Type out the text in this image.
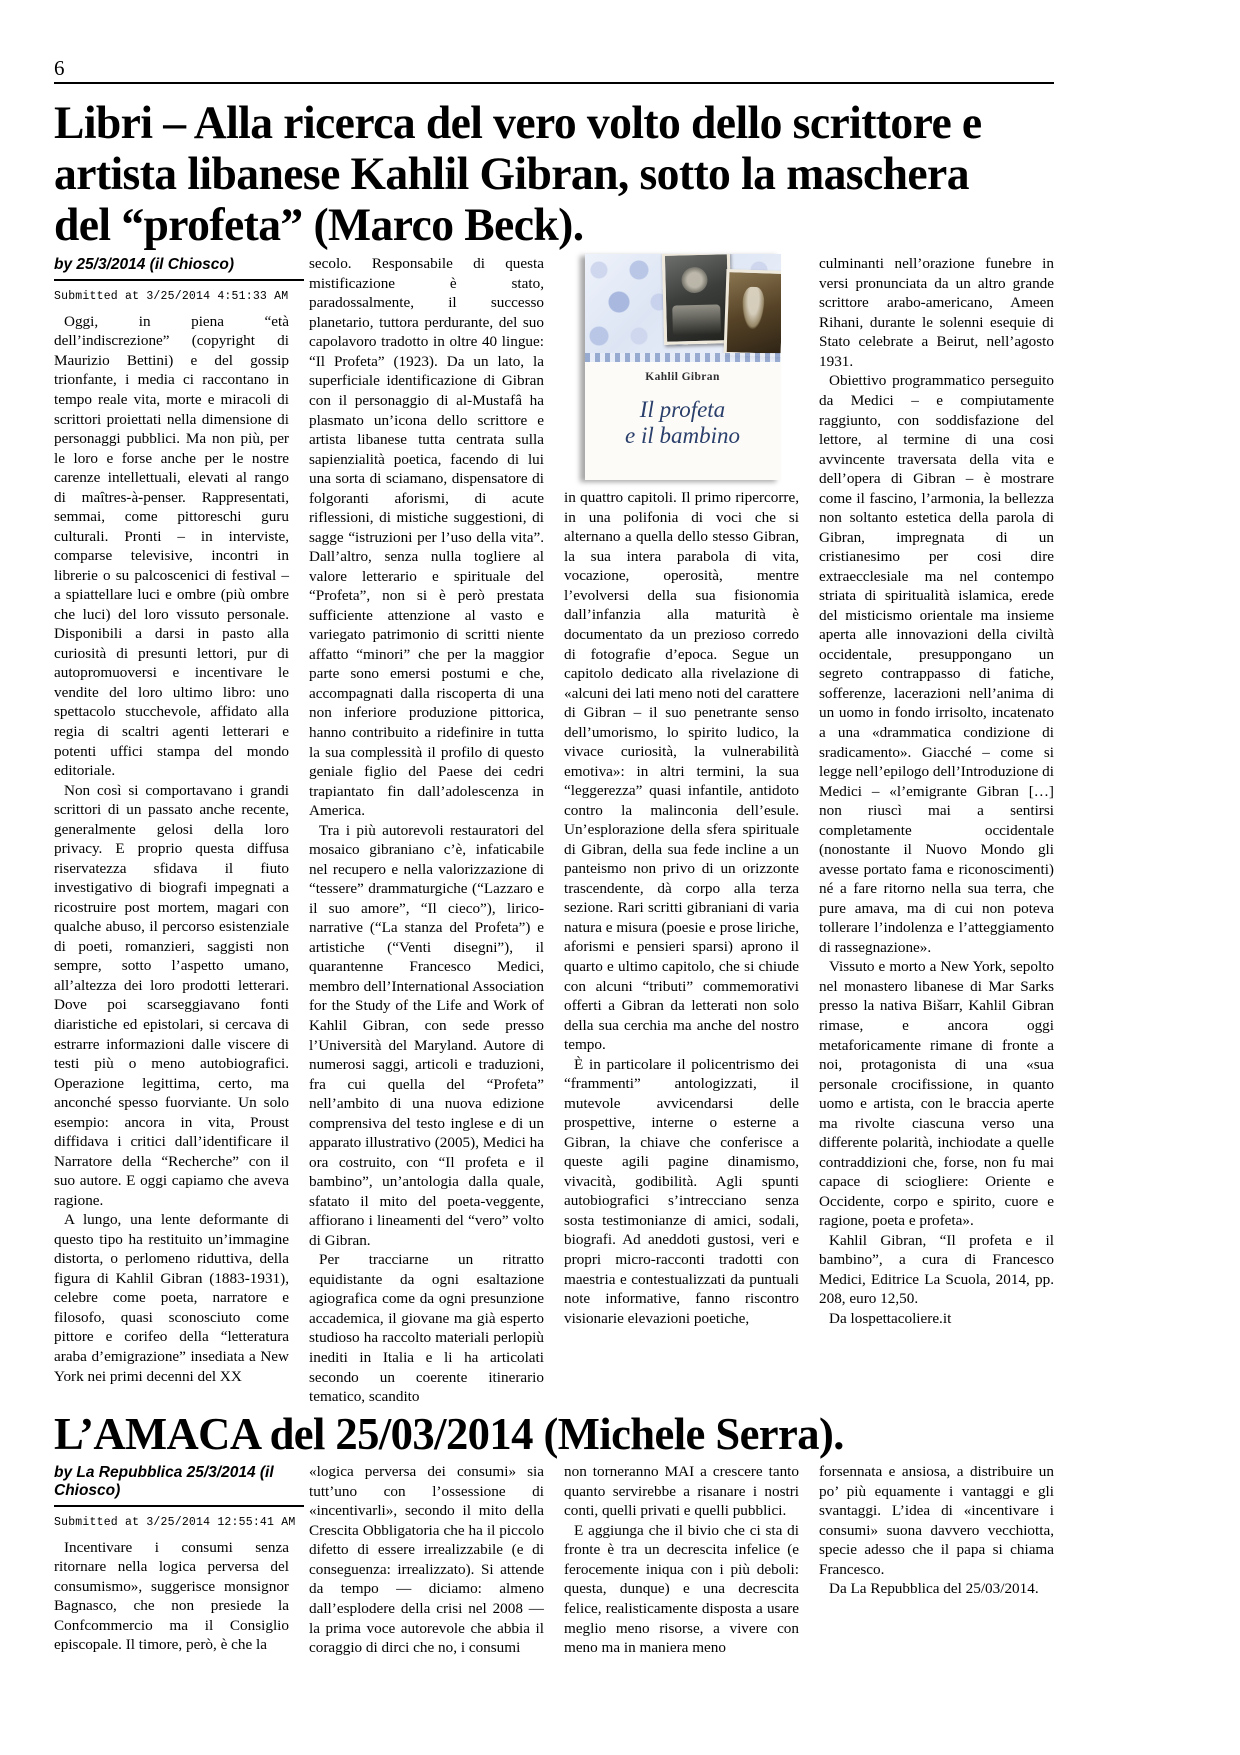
6
Libri – Alla ricerca del vero volto dello scrittore e artista libanese Kahlil Gibran, sotto la maschera del “profeta” (Marco Beck).
by 25/3/2014 (il Chiosco)
Submitted at 3/25/2014 4:51:33 AM

Oggi, in piena “età dell’indiscrezione” (copyright di Maurizio Bettini) e del gossip trionfante, i media ci raccontano in tempo reale vita, morte e miracoli di scrittori proiettati nella dimensione di personaggi pubblici. Ma non più, per le loro e forse anche per le nostre carenze intellettuali, elevati al rango di maîtres-à-penser. Rappresentati, semmai, come pittoreschi guru culturali. Pronti – in interviste, comparse televisive, incontri in librerie o su palcoscenici di festival – a spiattellare luci e ombre (più ombre che luci) del loro vissuto personale. Disponibili a darsi in pasto alla curiosità di presunti lettori, pur di autopromuoversi e incentivare le vendite del loro ultimo libro: uno spettacolo stucchevole, affidato alla regia di scaltri agenti letterari e potenti uffici stampa del mondo editoriale.

Non così si comportavano i grandi scrittori di un passato anche recente, generalmente gelosi della loro privacy. E proprio questa diffusa riservatezza sfidava il fiuto investigativo di biografi impegnati a ricostruire post mortem, magari con qualche abuso, il percorso esistenziale di poeti, romanzieri, saggisti non sempre, sotto l’aspetto umano, all’altezza dei loro prodotti letterari. Dove poi scarseggiavano fonti diaristiche ed epistolari, si cercava di estrarre informazioni dalle viscere di testi più o meno autobiografici. Operazione legittima, certo, ma anconché spesso fuorviante. Un solo esempio: ancora in vita, Proust diffidava i critici dall’identificare il Narratore della “Recherche” con il suo autore. E oggi capiamo che aveva ragione.

A lungo, una lente deformante di questo tipo ha restituito un’immagine distorta, o perlomeno riduttiva, della figura di Kahlil Gibran (1883-1931), celebre come poeta, narratore e filosofo, quasi sconosciuto come pittore e corifeo della “letteratura araba d’emigrazione” insediata a New York nei primi decenni del XX

secolo. Responsabile di questa mistificazione è stato, paradossalmente, il successo planetario, tuttora perdurante, del suo capolavoro tradotto in oltre 40 lingue: “Il Profeta” (1923). Da un lato, la superficiale identificazione di Gibran con il personaggio di al-Mustafâ ha plasmato un’icona dello scrittore e artista libanese tutta centrata sulla sapienzialità poetica, facendo di lui una sorta di sciamano, dispensatore di folgoranti aforismi, di acute riflessioni, di mistiche suggestioni, di sagge “istruzioni per l’uso della vita”. Dall’altro, senza nulla togliere al valore letterario e spirituale del “Profeta”, non si è però prestata sufficiente attenzione al vasto e variegato patrimonio di scritti niente affatto “minori” che per la maggior parte sono emersi postumi e che, accompagnati dalla riscoperta di una non inferiore produzione pittorica, hanno contribuito a ridefinire in tutta la sua complessità il profilo di questo geniale figlio del Paese dei cedri trapiantato fin dall’adolescenza in America.

Tra i più autorevoli restauratori del mosaico gibraniano c’è, infaticabile nel recupero e nella valorizzazione di “tessere” drammaturgiche (“Lazzaro e il suo amore”, “Il cieco”), lirico-narrative (“La stanza del Profeta”) e artistiche (“Venti disegni”), il quarantenne Francesco Medici, membro dell’International Association for the Study of the Life and Work of Kahlil Gibran, con sede presso l’Università del Maryland. Autore di numerosi saggi, articoli e traduzioni, fra cui quella del “Profeta” nell’ambito di una nuova edizione comprensiva del testo inglese e di un apparato illustrativo (2005), Medici ha ora costruito, con “Il profeta e il bambino”, un’antologia dalla quale, sfatato il mito del poeta-veggente, affiorano i lineamenti del “vero” volto di Gibran.

Per tracciarne un ritratto equidistante da ogni esaltazione agiografica come da ogni presunzione accademica, il giovane ma già esperto studioso ha raccolto materiali perlopiù inediti in Italia e li ha articolati secondo un coerente itinerario tematico, scandito

Kahlil Gibran
Il profeta
e il bambino

in quattro capitoli. Il primo ripercorre, in una polifonia di voci che si alternano a quella dello stesso Gibran, la sua intera parabola di vita, vocazione, operosità, mentre l’evolversi della sua fisionomia dall’infanzia alla maturità è documentato da un prezioso corredo di fotografie d’epoca. Segue un capitolo dedicato alla rivelazione di «alcuni dei lati meno noti del carattere di Gibran – il suo penetrante senso dell’umorismo, lo spirito ludico, la vivace curiosità, la vulnerabilità emotiva»: in altri termini, la sua “leggerezza” quasi infantile, antidoto contro la malinconia dell’esule. Un’esplorazione della sfera spirituale di Gibran, della sua fede incline a un panteismo non privo di un orizzonte trascendente, dà corpo alla terza sezione. Rari scritti gibraniani di varia natura e misura (poesie e prose liriche, aforismi e pensieri sparsi) aprono il quarto e ultimo capitolo, che si chiude con alcuni “tributi” commemorativi offerti a Gibran da letterati non solo della sua cerchia ma anche del nostro tempo.

È in particolare il policentrismo dei “frammenti” antologizzati, il mutevole avvicendarsi delle prospettive, interne o esterne a Gibran, la chiave che conferisce a queste agili pagine dinamismo, vivacità, godibilità. Agli spunti autobiografici s’intrecciano senza sosta testimonianze di amici, sodali, biografi. Ad aneddoti gustosi, veri e propri micro-racconti tradotti con maestria e contestualizzati da puntuali note informative, fanno riscontro visionarie elevazioni poetiche,

culminanti nell’orazione funebre in versi pronunciata da un altro grande scrittore arabo-americano, Ameen Rihani, durante le solenni esequie di Stato celebrate a Beirut, nell’agosto 1931.

Obiettivo programmatico perseguito da Medici – e compiutamente raggiunto, con soddisfazione del lettore, al termine di una cosi avvincente traversata della vita e dell’opera di Gibran – è mostrare come il fascino, l’armonia, la bellezza non soltanto estetica della parola di Gibran, impregnata di un cristianesimo per cosi dire extraecclesiale ma nel contempo striata di spiritualità islamica, erede del misticismo orientale ma insieme aperta alle innovazioni della civiltà occidentale, presuppongano un segreto contrappasso di fatiche, sofferenze, lacerazioni nell’anima di un uomo in fondo irrisolto, incatenato a una «drammatica condizione di sradicamento». Giacché – come si legge nell’epilogo dell’Introduzione di Medici – «l’emigrante Gibran […] non riuscì mai a sentirsi completamente occidentale (nonostante il Nuovo Mondo gli avesse portato fama e riconoscimenti) né a fare ritorno nella sua terra, che pure amava, ma di cui non poteva tollerare l’indolenza e l’atteggiamento di rassegnazione».

Vissuto e morto a New York, sepolto nel monastero libanese di Mar Sarks presso la nativa Bišarr, Kahlil Gibran rimase, e ancora oggi metaforicamente rimane di fronte a noi, protagonista di una «sua personale crocifissione, in quanto uomo e artista, con le braccia aperte ma rivolte ciascuna verso una differente polarità, inchiodate a quelle contraddizioni che, forse, non fu mai capace di sciogliere: Oriente e Occidente, corpo e spirito, cuore e ragione, poeta e profeta».

Kahlil Gibran, “Il profeta e il bambino”, a cura di Francesco Medici, Editrice La Scuola, 2014, pp. 208, euro 12,50.

Da lospettacoliere.it

L’AMACA del 25/03/2014 (Michele Serra).
by La Repubblica 25/3/2014 (il Chiosco)
Submitted at 3/25/2014 12:55:41 AM

Incentivare i consumi senza ritornare nella logica perversa del consumismo», suggerisce monsignor Bagnasco, che non presiede la Confcommercio ma il Consiglio episcopale. Il timore, però, è che la

«logica perversa dei consumi» sia tutt’uno con l’ossessione di «incentivarli», secondo il mito della Crescita Obbligatoria che ha il piccolo difetto di essere irrealizzabile (e di conseguenza: irrealizzato). Si attende da tempo — diciamo: almeno dall’esplodere della crisi nel 2008 — la prima voce autorevole che abbia il coraggio di dirci che no, i consumi

non torneranno MAI a crescere tanto quanto servirebbe a risanare i nostri conti, quelli privati e quelli pubblici.

E aggiunga che il bivio che ci sta di fronte è tra un decrescita infelice (e ferocemente iniqua con i più deboli: questa, dunque) e una decrescita felice, realisticamente disposta a usare meglio meno risorse, a vivere con meno ma in maniera meno

forsennata e ansiosa, a distribuire un po’ più equamente i vantaggi e gli svantaggi. L’idea di «incentivare i consumi» suona davvero vecchiotta, specie adesso che il papa si chiama Francesco.

Da La Repubblica del 25/03/2014.
